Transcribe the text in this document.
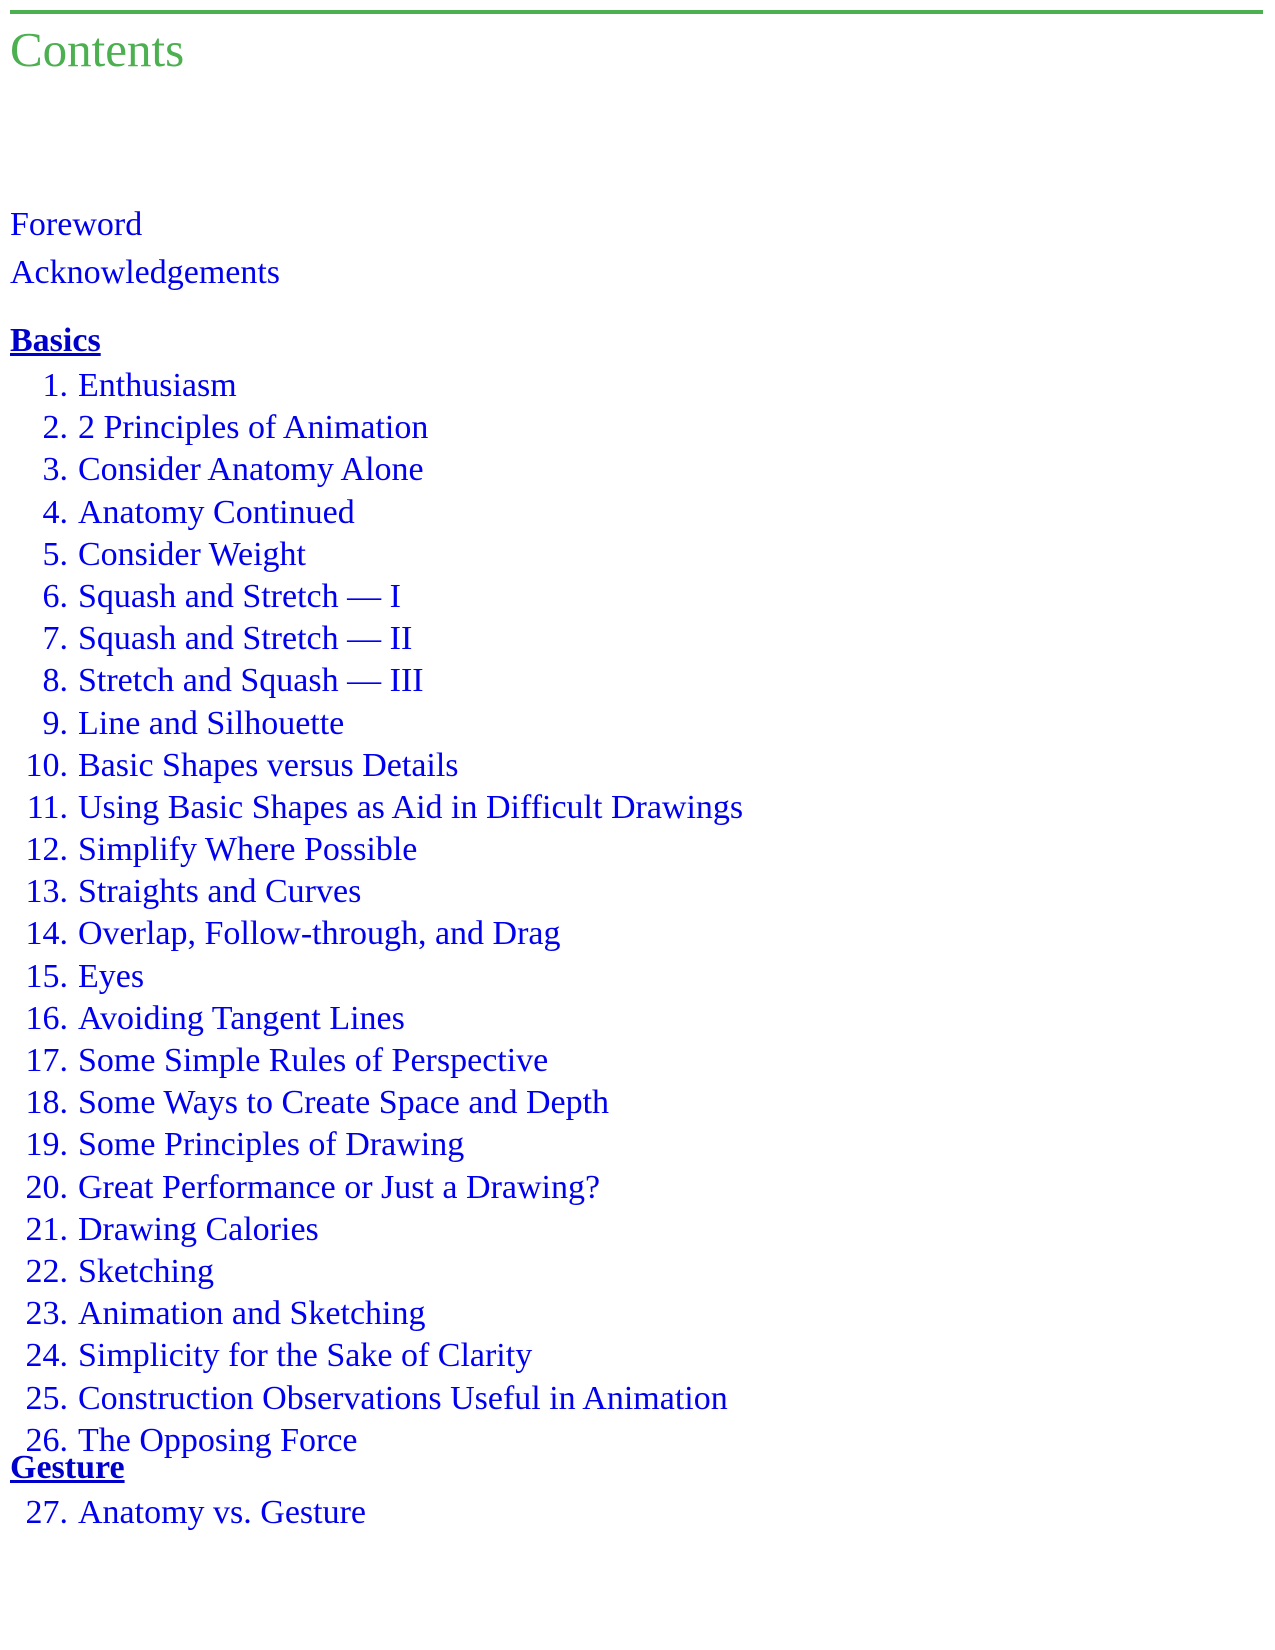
Contents
Foreword
Acknowledgements
Basics
1. Enthusiasm
2. 2 Principles of Animation
3. Consider Anatomy Alone
4. Anatomy Continued
5. Consider Weight
6. Squash and Stretch — I
7. Squash and Stretch — II
8. Stretch and Squash — III
9. Line and Silhouette
10. Basic Shapes versus Details
11. Using Basic Shapes as Aid in Difficult Drawings
12. Simplify Where Possible
13. Straights and Curves
14. Overlap, Follow-through, and Drag
15. Eyes
16. Avoiding Tangent Lines
17. Some Simple Rules of Perspective
18. Some Ways to Create Space and Depth
19. Some Principles of Drawing
20. Great Performance or Just a Drawing?
21. Drawing Calories
22. Sketching
23. Animation and Sketching
24. Simplicity for the Sake of Clarity
25. Construction Observations Useful in Animation
26. The Opposing Force
Gesture
27. Anatomy vs. Gesture
